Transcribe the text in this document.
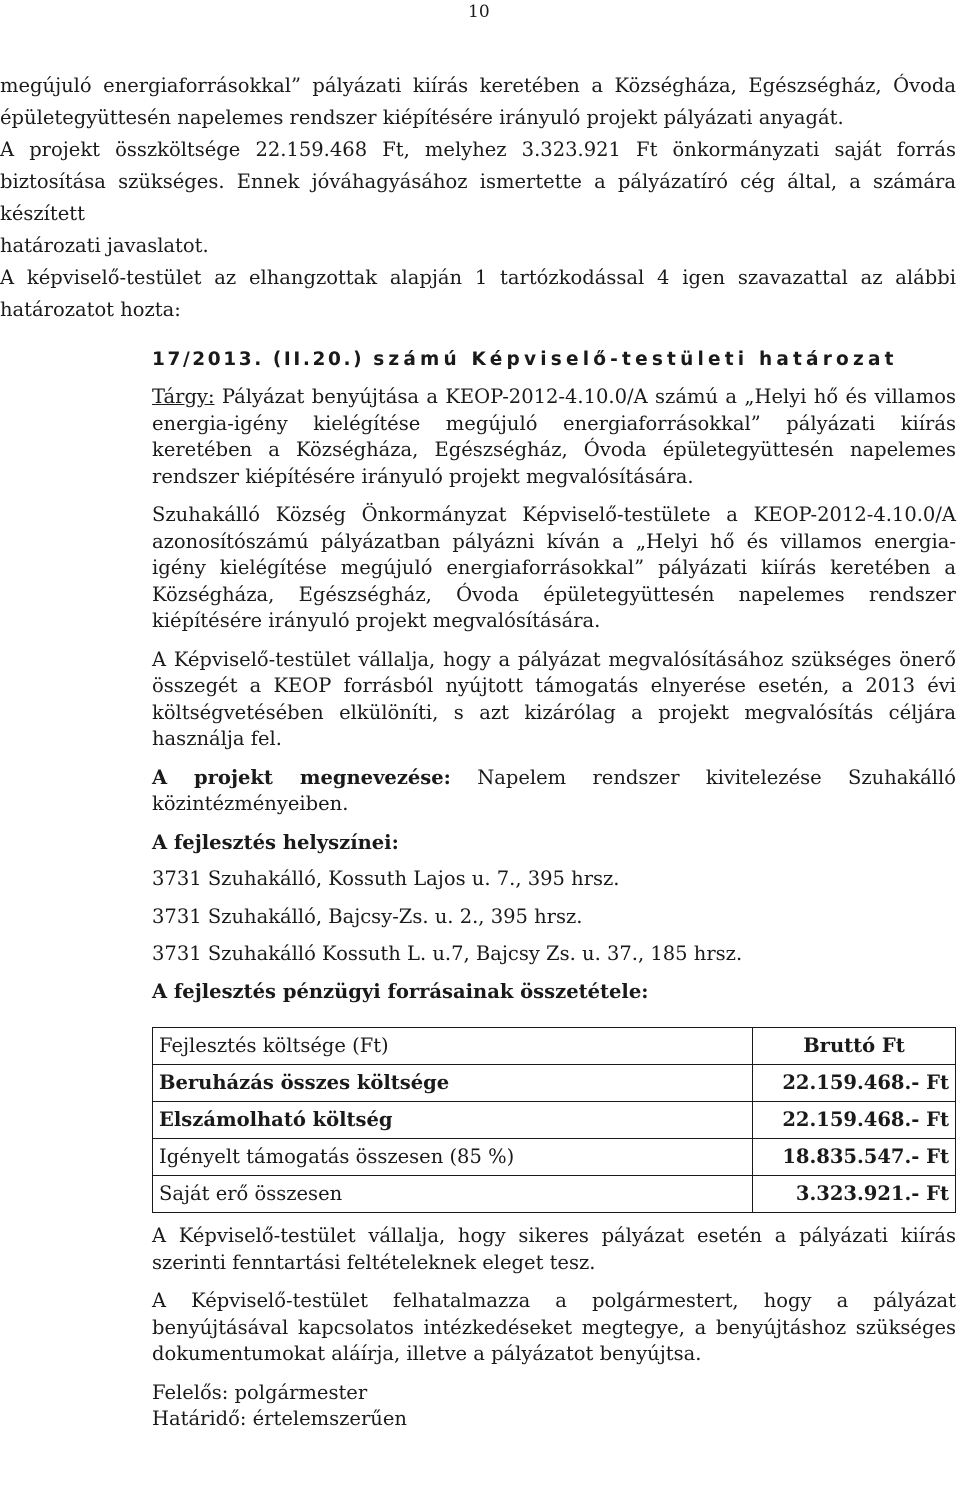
10

megújuló energiaforrásokkal” pályázati kiírás keretében a Községháza, Egészségház, Óvoda

épületegyüttesén napelemes rendszer kiépítésére irányuló projekt pályázati anyagát.

A projekt összköltsége 22.159.468 Ft, melyhez 3.323.921 Ft önkormányzati saját forrás

biztosítása szükséges. Ennek jóváhagyásához ismertette a pályázatíró cég által, a számára készített

határozati javaslatot.

A képviselő-testület az elhangzottak alapján 1 tartózkodással 4 igen szavazattal az alábbi

határozatot hozta:

17/2013. (II.20.) számú Képviselő-testületi határozat

Tárgy: Pályázat benyújtása a KEOP-2012-4.10.0/A számú a „Helyi hő és villamos energia-igény kielégítése megújuló energiaforrásokkal” pályázati kiírás keretében a Községháza, Egészségház, Óvoda épületegyüttesén napelemes rendszer kiépítésére irányuló projekt megvalósítására.

Szuhakálló Község Önkormányzat Képviselő-testülete a KEOP-2012-4.10.0/A azonosítószámú pályázatban pályázni kíván a „Helyi hő és villamos energia-igény kielégítése megújuló energiaforrásokkal” pályázati kiírás keretében a Községháza, Egészségház, Óvoda épületegyüttesén napelemes rendszer kiépítésére irányuló projekt megvalósítására.

A Képviselő-testület vállalja, hogy a pályázat megvalósításához szükséges önerő összegét a KEOP forrásból nyújtott támogatás elnyerése esetén, a 2013 évi költségvetésében elkülöníti, s azt kizárólag a projekt megvalósítás céljára használja fel.

A projekt megnevezése: Napelem rendszer kivitelezése Szuhakálló közintézményeiben.

A fejlesztés helyszínei:

3731 Szuhakálló, Kossuth Lajos u. 7., 395 hrsz.

3731 Szuhakálló, Bajcsy-Zs. u. 2., 395 hrsz.

3731 Szuhakálló Kossuth L. u.7, Bajcsy Zs. u. 37., 185 hrsz.

A fejlesztés pénzügyi forrásainak összetétele:

Fejlesztés költsége (Ft)	Bruttó Ft
Beruházás összes költsége	22.159.468.- Ft
Elszámolható költség	22.159.468.- Ft
Igényelt támogatás összesen (85 %)	18.835.547.- Ft
Saját erő összesen	3.323.921.- Ft

A Képviselő-testület vállalja, hogy sikeres pályázat esetén a pályázati kiírás szerinti fenntartási feltételeknek eleget tesz.

A Képviselő-testület felhatalmazza a polgármestert, hogy a pályázat benyújtásával kapcsolatos intézkedéseket megtegye, a benyújtáshoz szükséges dokumentumokat aláírja, illetve a pályázatot benyújtsa.

Felelős: polgármester

Határidő: értelemszerűen
